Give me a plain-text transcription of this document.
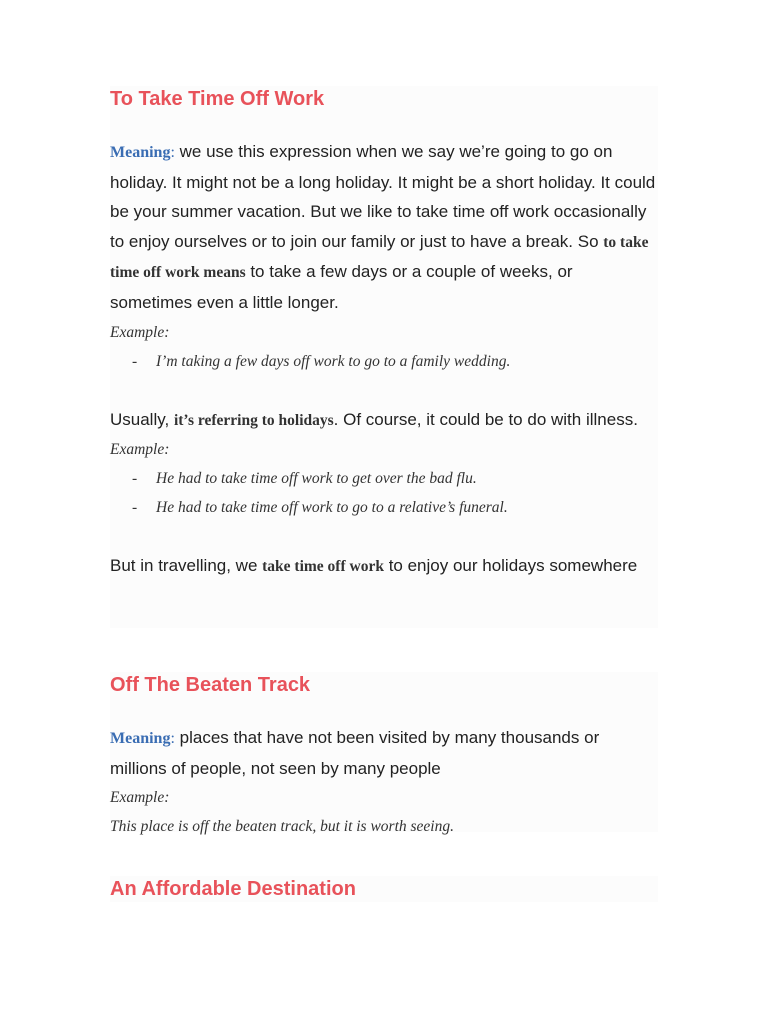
To Take Time Off Work

Meaning: we use this expression when we say we’re going to go on holiday. It might not be a long holiday. It might be a short holiday. It could be your summer vacation. But we like to take time off work occasionally to enjoy ourselves or to join our family or just to have a break. So to take time off work means to take a few days or a couple of weeks, or sometimes even a little longer.

Example:

- I’m taking a few days off work to go to a family wedding.

Usually, it’s referring to holidays. Of course, it could be to do with illness.

Example:

- He had to take time off work to get over the bad flu.
- He had to take time off work to go to a relative’s funeral.

But in travelling, we take time off work to enjoy our holidays somewhere

Off The Beaten Track

Meaning: places that have not been visited by many thousands or millions of people, not seen by many people

Example:

This place is off the beaten track, but it is worth seeing.

An Affordable Destination
